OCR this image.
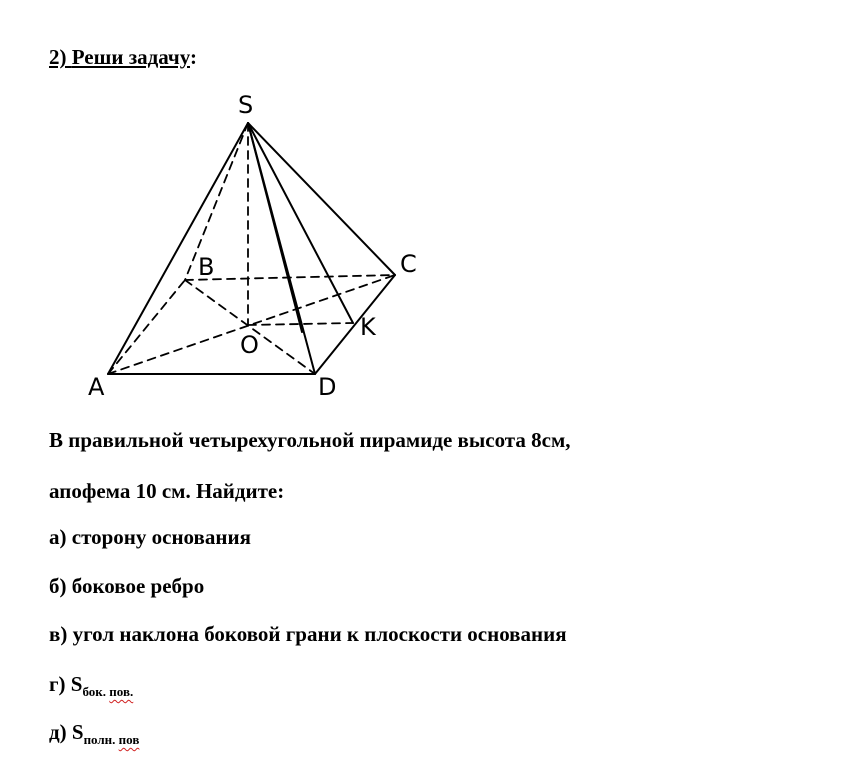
2) Реши задачу:
S
B	C
O
K
A	D
В правильной четырехугольной пирамиде высота 8см,
апофема 10 см. Найдите:
а) сторону основания
б) боковое ребро
в) угол наклона боковой грани к плоскости основания
г) $S_{бок. пов.}$
д) $S_{полн. пов}$
